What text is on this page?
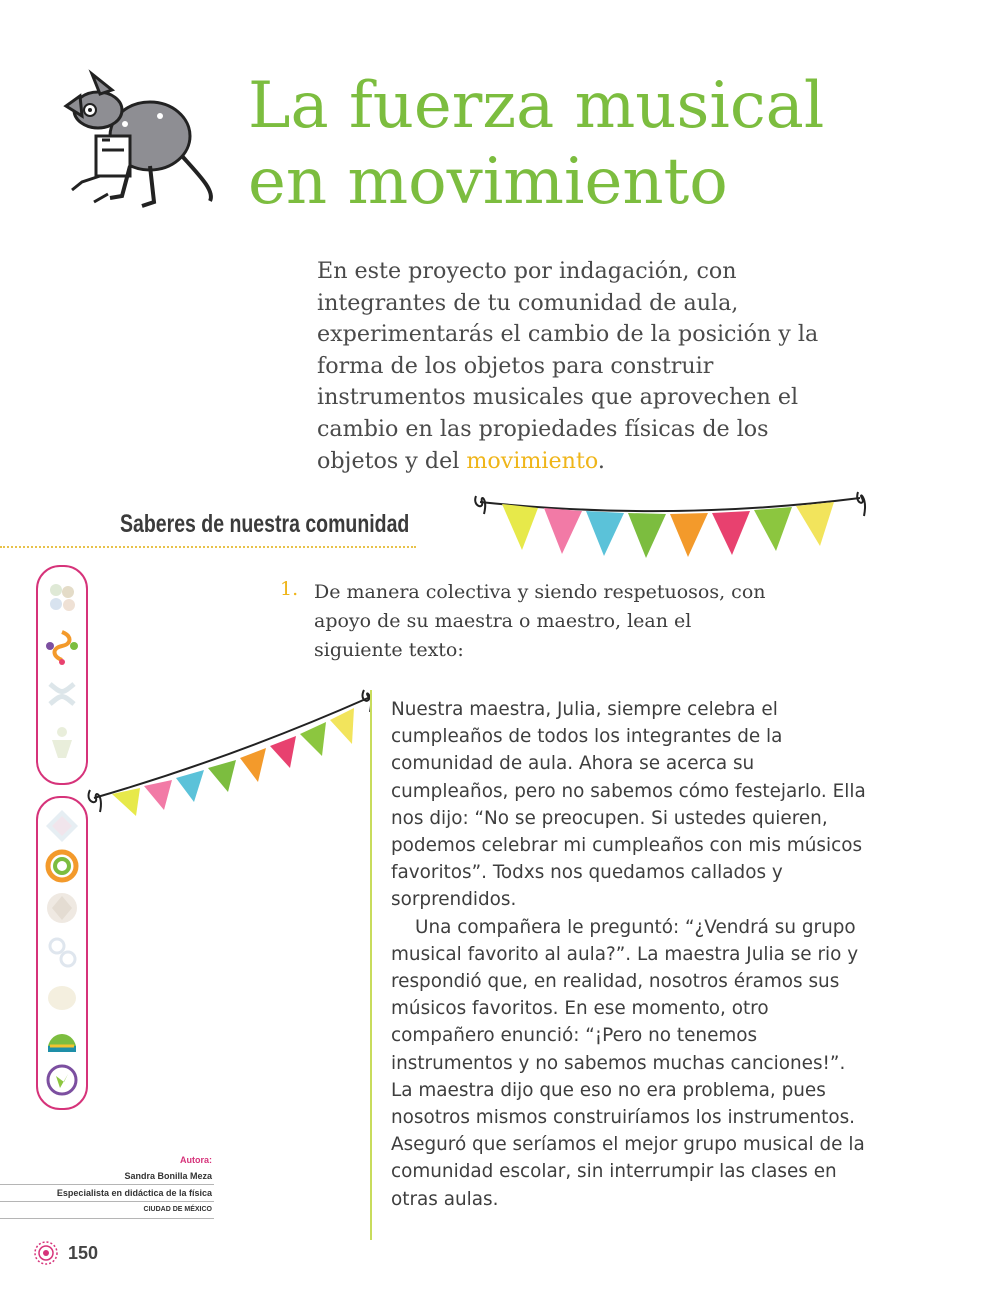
La fuerza musical
en movimiento

En este proyecto por indagación, con integrantes de tu comunidad de aula, experimentarás el cambio de la posición y la forma de los objetos para construir instrumentos musicales que aprovechen el cambio en las propiedades físicas de los objetos y del movimiento.

Saberes de nuestra comunidad

1. De manera colectiva y siendo respetuosos, con apoyo de su maestra o maestro, lean el siguiente texto:

Nuestra maestra, Julia, siempre celebra el cumpleaños de todos los integrantes de la comunidad de aula. Ahora se acerca su cumpleaños, pero no sabemos cómo festejarlo. Ella nos dijo: “No se preocupen. Si ustedes quieren, podemos celebrar mi cumpleaños con mis músicos favoritos”. Todxs nos quedamos callados y sorprendidos.

Una compañera le preguntó: “¿Vendrá su grupo musical favorito al aula?”. La maestra Julia se rio y respondió que, en realidad, nosotros éramos sus músicos favoritos. En ese momento, otro compañero enunció: “¡Pero no tenemos instrumentos y no sabemos muchas canciones!”. La maestra dijo que eso no era problema, pues nosotros mismos construiríamos los instrumentos. Aseguró que seríamos el mejor grupo musical de la comunidad escolar, sin interrumpir las clases en otras aulas.

Autora:
Sandra Bonilla Meza
Especialista en didáctica de la física
CIUDAD DE MÉXICO

150
